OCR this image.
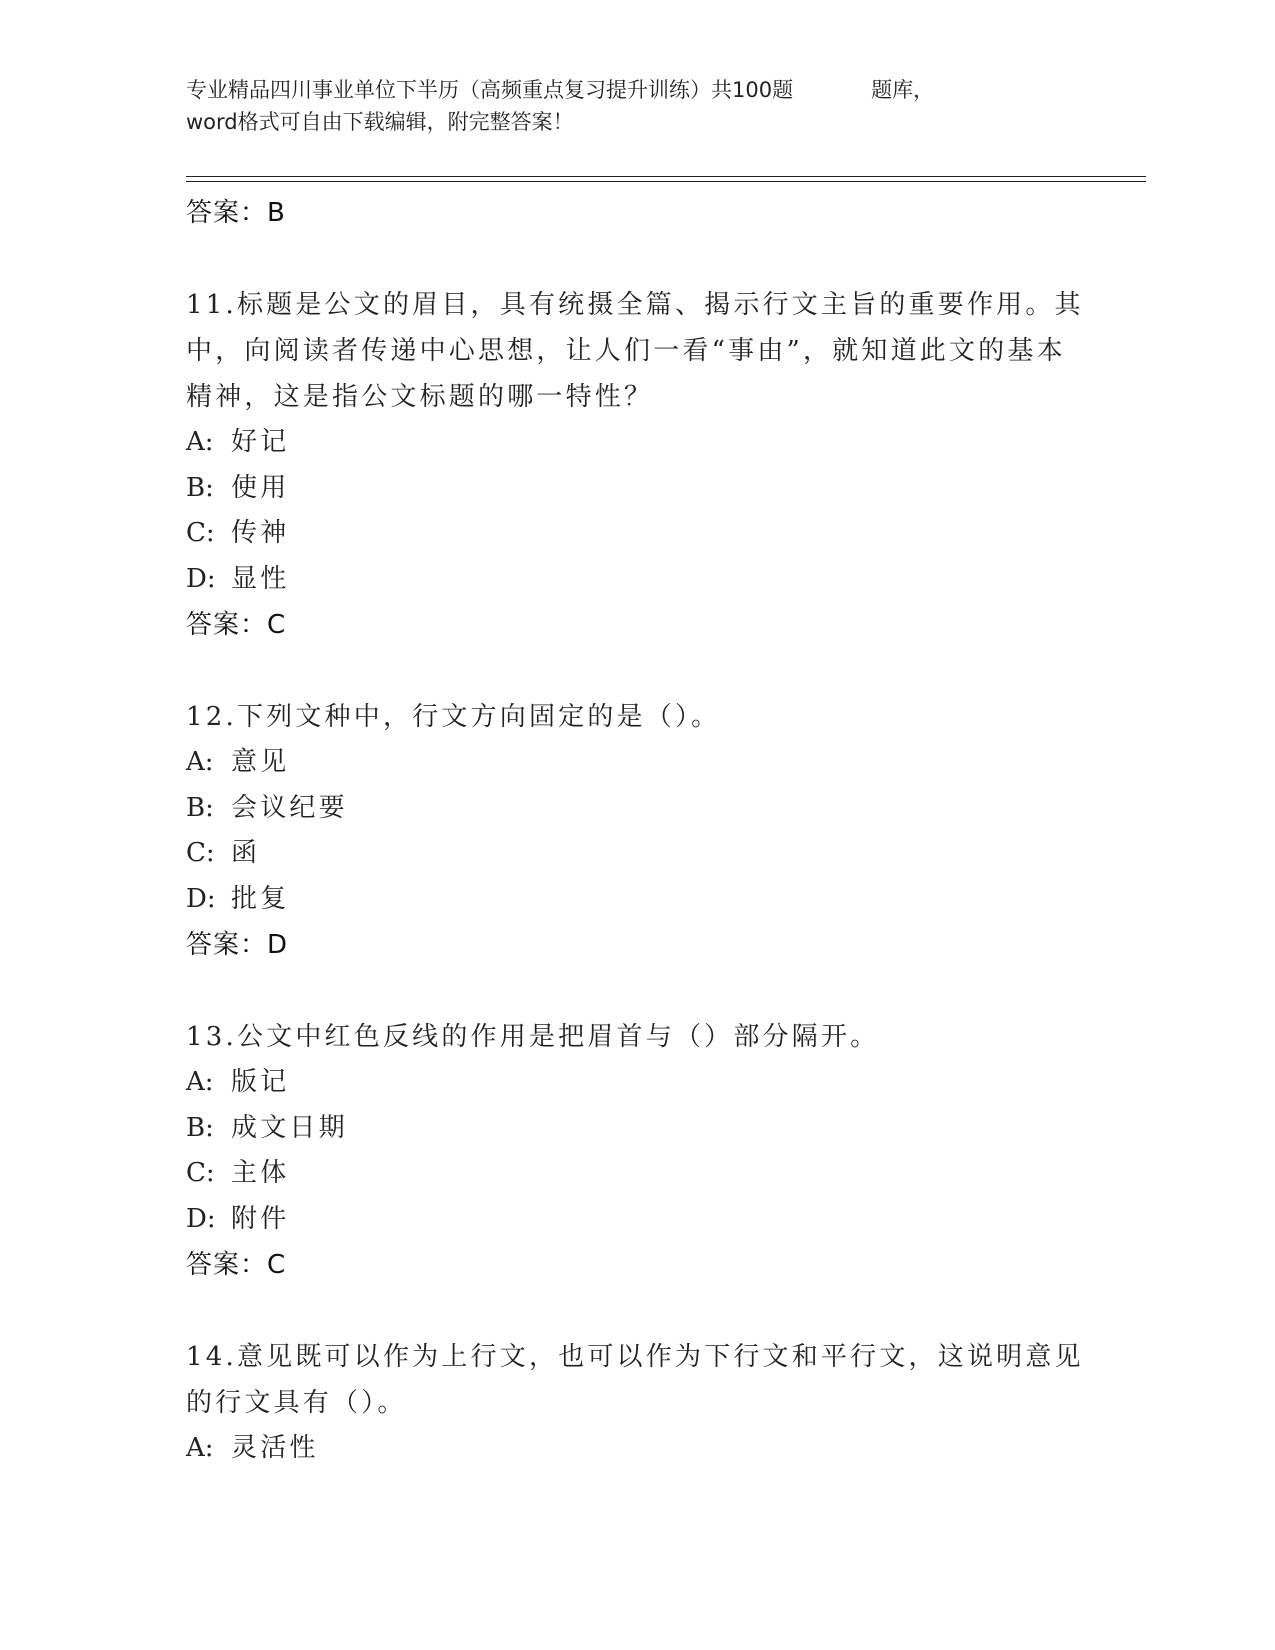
专业精品四川事业单位下半历（高频重点复习提升训练）共100题	题库，
word格式可自由下载编辑，附完整答案！
答案：B
11.标题是公文的眉目，具有统摄全篇、揭示行文主旨的重要作用。其中，向阅读者传递中心思想，让人们一看“事由”，就知道此文的基本精神，这是指公文标题的哪一特性？
A: 好记
B: 使用
C: 传神
D: 显性
答案：C
12.下列文种中，行文方向固定的是（）。
A: 意见
B: 会议纪要
C: 函
D: 批复
答案：D
13.公文中红色反线的作用是把眉首与（）部分隔开。
A: 版记
B: 成文日期
C: 主体
D: 附件
答案：C
14.意见既可以作为上行文，也可以作为下行文和平行文，这说明意见的行文具有（）。
A: 灵活性
